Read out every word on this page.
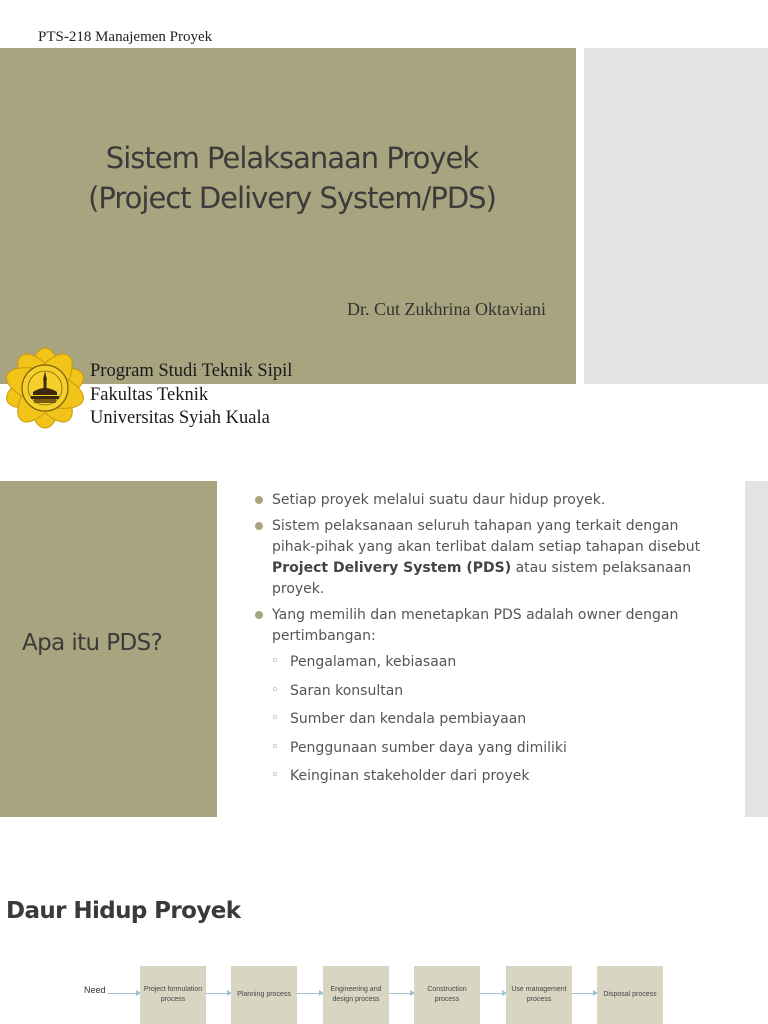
PTS-218 Manajemen Proyek
Sistem Pelaksanaan Proyek
(Project Delivery System/PDS)
Dr. Cut Zukhrina Oktaviani
Program Studi Teknik Sipil
Fakultas Teknik
Universitas Syiah Kuala
Apa itu PDS?
Setiap proyek melalui suatu daur hidup proyek.
Sistem pelaksanaan seluruh tahapan yang terkait dengan pihak-pihak yang akan terlibat dalam setiap tahapan disebut Project Delivery System (PDS) atau sistem pelaksanaan proyek.
Yang memilih dan menetapkan PDS adalah owner dengan pertimbangan:
◦ Pengalaman, kebiasaan
◦ Saran konsultan
◦ Sumber dan kendala pembiayaan
◦ Penggunaan sumber daya yang dimiliki
◦ Keinginan stakeholder dari proyek
Daur Hidup Proyek
Need	Project formulation process
Planning process
Engineering and design process
Construction process
Use management process
Disposal process
